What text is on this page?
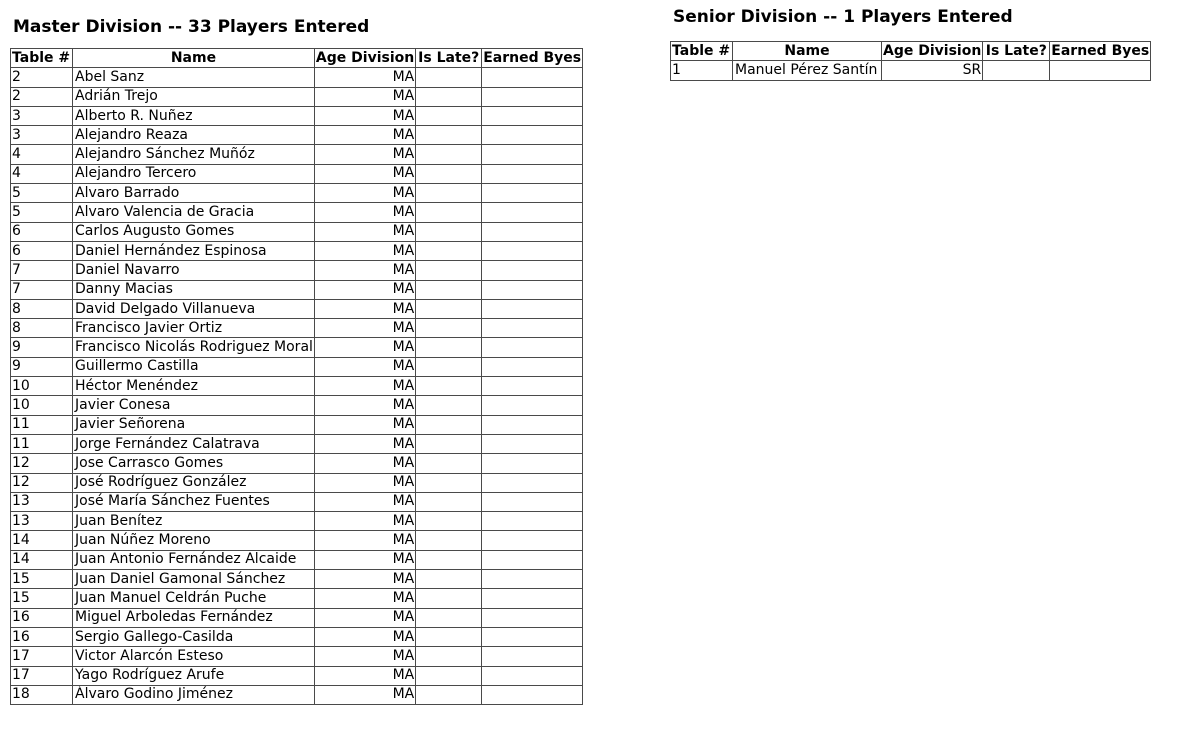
Master Division -- 33 Players Entered
Table #	Name	Age Division	Is Late?	Earned Byes
2	Abel Sanz	MA		
2	Adrián Trejo	MA		
3	Alberto R. Nuñez	MA		
3	Alejandro Reaza	MA		
4	Alejandro Sánchez Muñóz	MA		
4	Alejandro Tercero	MA		
5	Alvaro Barrado	MA		
5	Alvaro Valencia de Gracia	MA		
6	Carlos Augusto Gomes	MA		
6	Daniel Hernández Espinosa	MA		
7	Daniel Navarro	MA		
7	Danny Macias	MA		
8	David Delgado Villanueva	MA		
8	Francisco Javier Ortiz	MA		
9	Francisco Nicolás Rodriguez Moral	MA		
9	Guillermo Castilla	MA		
10	Héctor Menéndez	MA		
10	Javier Conesa	MA		
11	Javier Señorena	MA		
11	Jorge Fernández Calatrava	MA		
12	Jose Carrasco Gomes	MA		
12	José Rodríguez González	MA		
13	José María Sánchez Fuentes	MA		
13	Juan Benítez	MA		
14	Juan Núñez Moreno	MA		
14	Juan Antonio Fernández Alcaide	MA		
15	Juan Daniel Gamonal Sánchez	MA		
15	Juan Manuel Celdrán Puche	MA		
16	Miguel Arboledas Fernández	MA		
16	Sergio Gallego-Casilda	MA		
17	Victor Alarcón Esteso	MA		
17	Yago Rodríguez Arufe	MA		
18	Álvaro Godino Jiménez	MA		
Senior Division -- 1 Players Entered
Table #	Name	Age Division	Is Late?	Earned Byes
1	Manuel Pérez Santín	SR		
